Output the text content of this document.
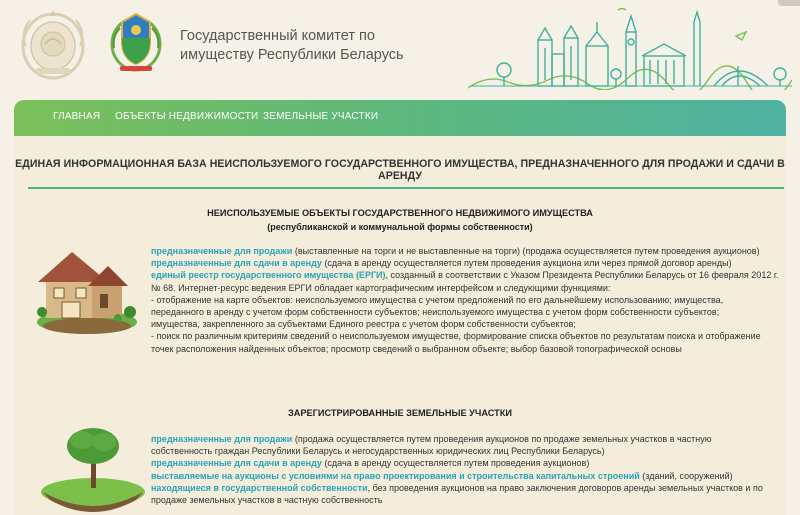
Государственный комитет по имуществу Республики Беларусь
ГЛАВНАЯ ОБЪЕКТЫ НЕДВИЖИМОСТИ ЗЕМЕЛЬНЫЕ УЧАСТКИ
ЕДИНАЯ ИНФОРМАЦИОННАЯ БАЗА НЕИСПОЛЬЗУЕМОГО ГОСУДАРСТВЕННОГО ИМУЩЕСТВА, ПРЕДНАЗНАЧЕННОГО ДЛЯ ПРОДАЖИ И СДАЧИ В АРЕНДУ
НЕИСПОЛЬЗУЕМЫЕ ОБЪЕКТЫ ГОСУДАРСТВЕННОГО НЕДВИЖИМОГО ИМУЩЕСТВА
(республиканской и коммунальной формы собственности)
предназначенные для продажи (выставленные на торги и не выставленные на торги) (продажа осуществляется путем проведения аукционов)
предназначенные для сдачи в аренду (сдача в аренду осуществляется путем проведения аукциона или через прямой договор аренды)
единый реестр государственного имущества (ЕРГИ), созданный в соответствии с Указом Президента Республики Беларусь от 16 февраля 2012 г.
№ 68. Интернет-ресурс ведения ЕРГИ обладает картографическим интерфейсом и следующими функциями:
- отображение на карте объектов: неиспользуемого имущества с учетом предложений по его дальнейшему использованию; имущества,
переданного в аренду с учетом форм собственности субъектов; неиспользуемого имущества с учетом форм собственности субъектов;
имущества, закрепленного за субъектами Единого реестра с учетом форм собственности субъектов;
- поиск по различным критериям сведений о неиспользуемом имуществе, формирование списка объектов по результатам поиска и отображение
точек расположения найденных объектов; просмотр сведений о выбранном объекте; выбор базовой топографической основы
ЗАРЕГИСТРИРОВАННЫЕ ЗЕМЕЛЬНЫЕ УЧАСТКИ
предназначенные для продажи (продажа осуществляется путем проведения аукционов по продаже земельных участков в частную
собственность граждан Республики Беларусь и негосударственных юридических лиц Республики Беларусь)
предназначенные для сдачи в аренду (сдача в аренду осуществляется путем проведения аукционов)
выставляемые на аукционы с условиями на право проектирования и строительства капитальных строений (зданий, сооружений)
находящиеся в государственной собственности, без проведения аукционов на право заключения договоров аренды земельных участков и по
продаже земельных участков в частную собственность
